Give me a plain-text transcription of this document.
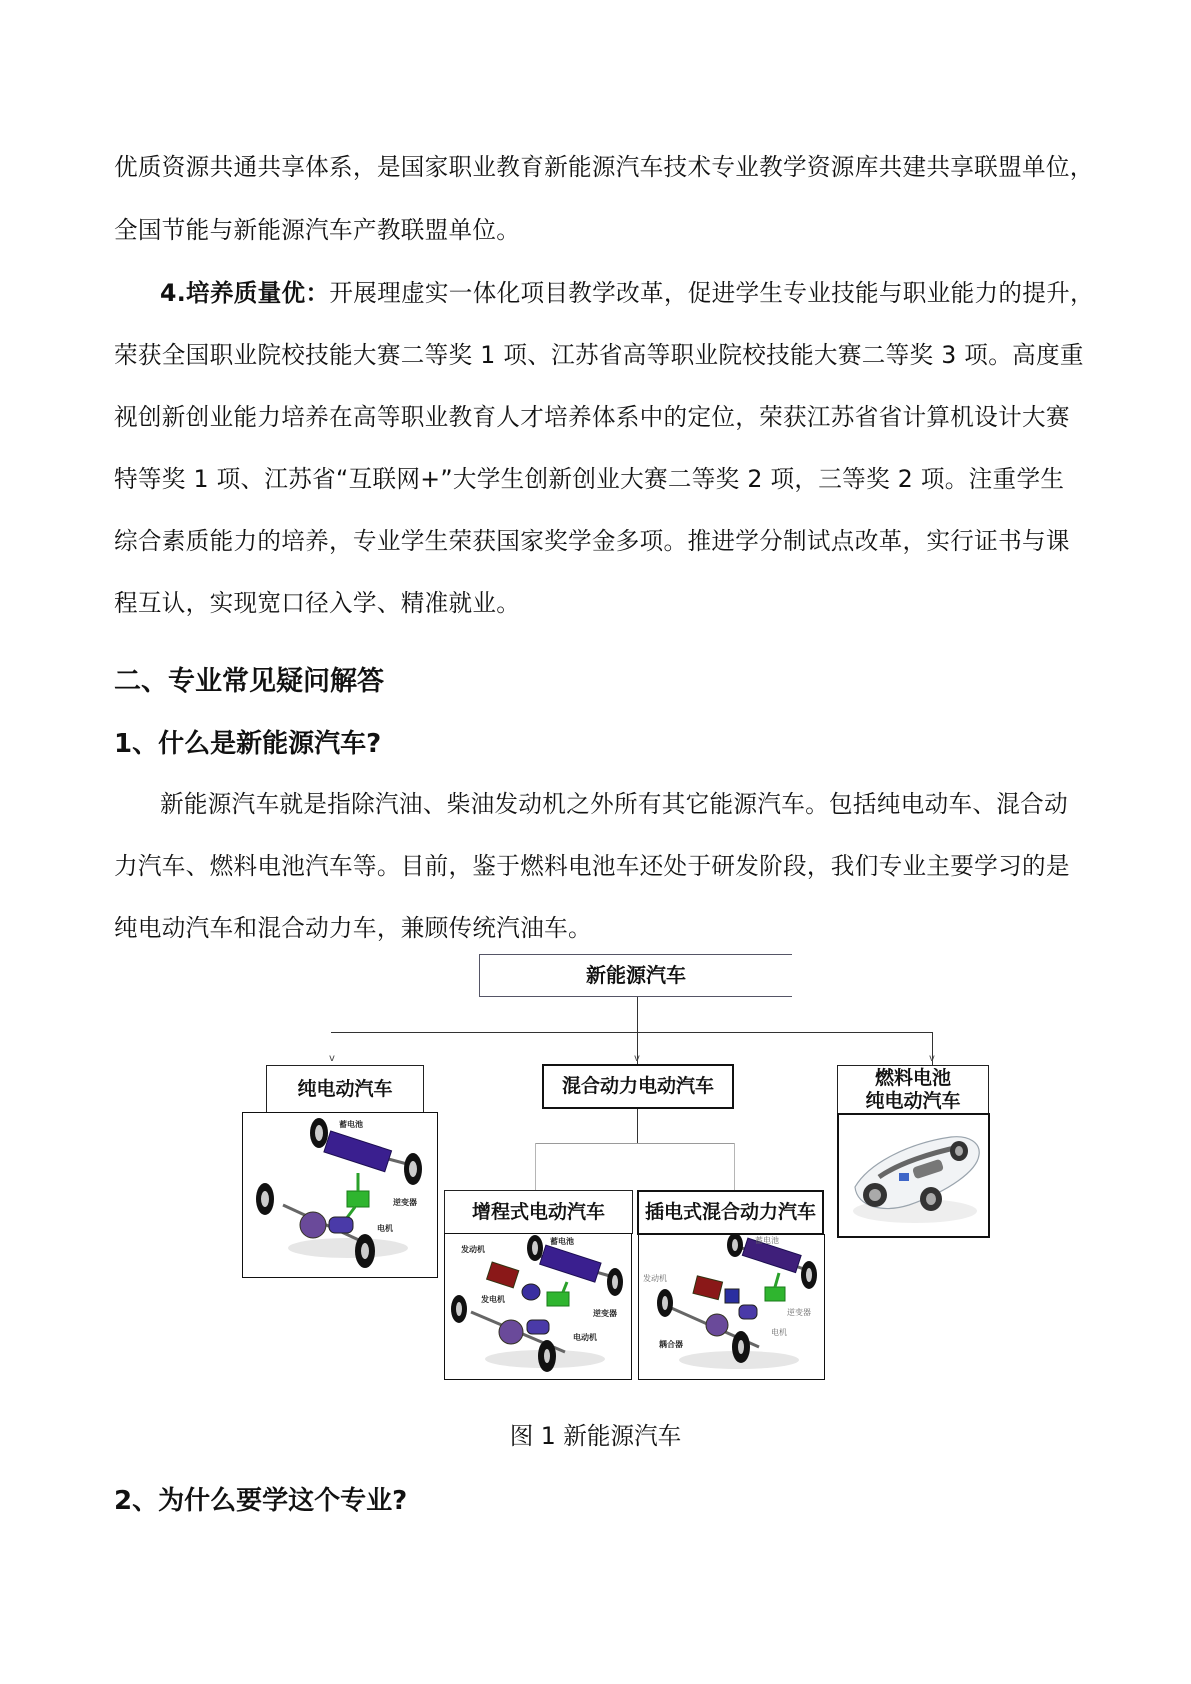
优质资源共通共享体系，是国家职业教育新能源汽车技术专业教学资源库共建共享联盟单位，
全国节能与新能源汽车产教联盟单位。
4.培养质量优：开展理虚实一体化项目教学改革，促进学生专业技能与职业能力的提升，
荣获全国职业院校技能大赛二等奖 1 项、江苏省高等职业院校技能大赛二等奖 3 项。高度重
视创新创业能力培养在高等职业教育人才培养体系中的定位，荣获江苏省省计算机设计大赛
特等奖 1 项、江苏省“互联网+”大学生创新创业大赛二等奖 2 项，三等奖 2 项。注重学生
综合素质能力的培养，专业学生荣获国家奖学金多项。推进学分制试点改革，实行证书与课
程互认，实现宽口径入学、精准就业。
二、专业常见疑问解答
1、什么是新能源汽车?
新能源汽车就是指除汽油、柴油发动机之外所有其它能源汽车。包括纯电动车、混合动
力汽车、燃料电池汽车等。目前，鉴于燃料电池车还处于研发阶段，我们专业主要学习的是
纯电动汽车和混合动力车，兼顾传统汽油车。
新能源汽车
v	v	v
纯电动汽车
蓄电池
逆变器
电机
混合动力电动汽车
增程式电动汽车
发动机
蓄电池
发电机
逆变器
电动机
插电式混合动力汽车
蓄电池
发动机
逆变器
电机
耦合器
燃料电池
纯电动汽车
图 1 新能源汽车
2、为什么要学这个专业?
